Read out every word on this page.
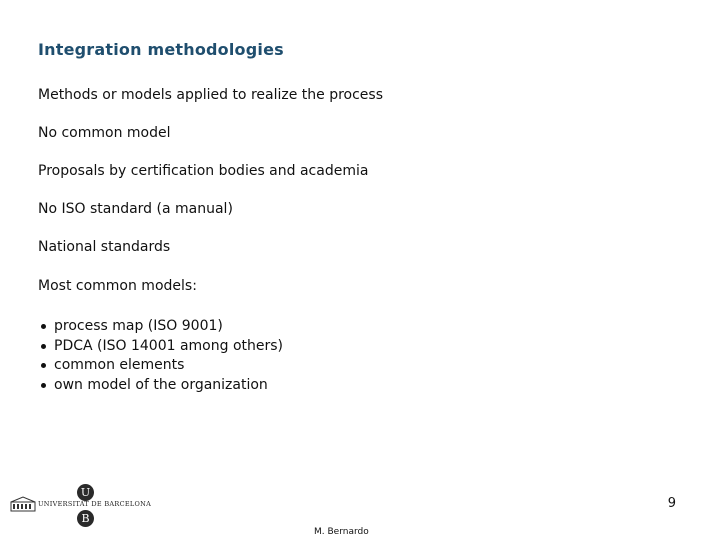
Integration methodologies
Methods or models applied to realize the process
No common model
Proposals by certification bodies and academia
No ISO standard (a manual)
National standards
Most common models:
process map (ISO 9001)
PDCA (ISO 14001 among others)
common elements
own model of the organization
U
UNIVERSITAT DE BARCELONA
B
9
M. Bernardo
